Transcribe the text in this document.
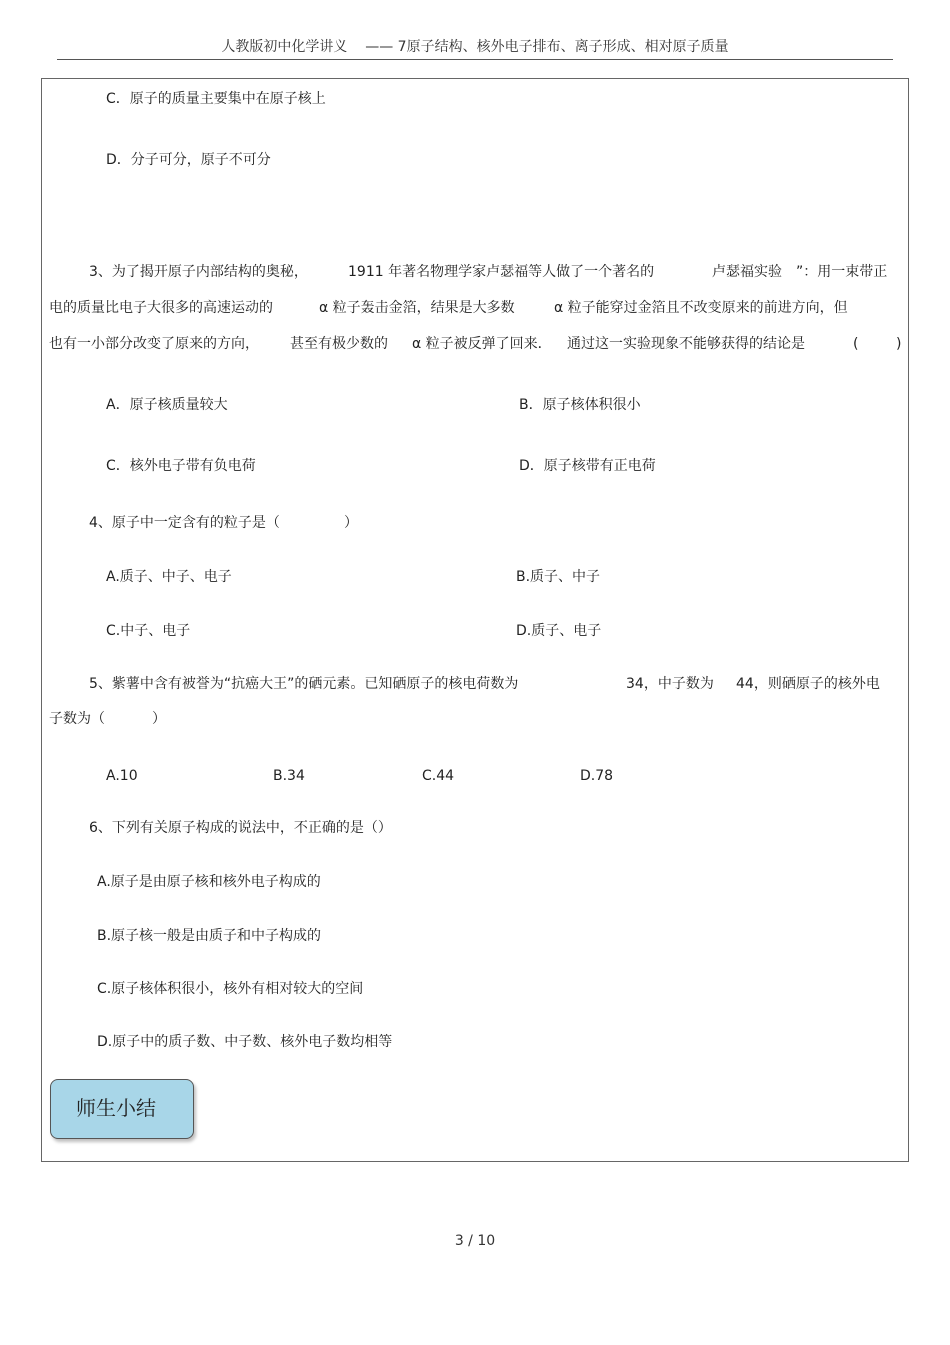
人教版初中化学讲义    —— 7原子结构、核外电子排布、离子形成、相对原子质量
C．原子的质量主要集中在原子核上
D．分子可分，原子不可分
3、为了揭开原子内部结构的奥秘，	1911 年著名物理学家卢瑟福等人做了一个著名的	卢瑟福实验 ”：用一束带正
电的质量比电子大很多的高速运动的	α 粒子轰击金箔，结果是大多数	α 粒子能穿过金箔且不改变原来的前进方向，但
也有一小部分改变了原来的方向， 甚至有极少数的 α 粒子被反弹了回来． 通过这一实验现象不能够获得的结论是	(	)
A．原子核质量较大	B．原子核体积很小
C．核外电子带有负电荷	D．原子核带有正电荷
4、原子中一定含有的粒子是（	）
A.质子、中子、电子	B.质子、中子
C.中子、电子	D.质子、电子
5、紫薯中含有被誉为“抗癌大王”的硒元素。已知硒原子的核电荷数为	34，中子数为 44，则硒原子的核外电
子数为（	）
A.10	B.34	C.44	D.78
6、下列有关原子构成的说法中，不正确的是（）
A.原子是由原子核和核外电子构成的
B.原子核一般是由质子和中子构成的
C.原子核体积很小，核外有相对较大的空间
D.原子中的质子数、中子数、核外电子数均相等
师生小结
3 / 10
